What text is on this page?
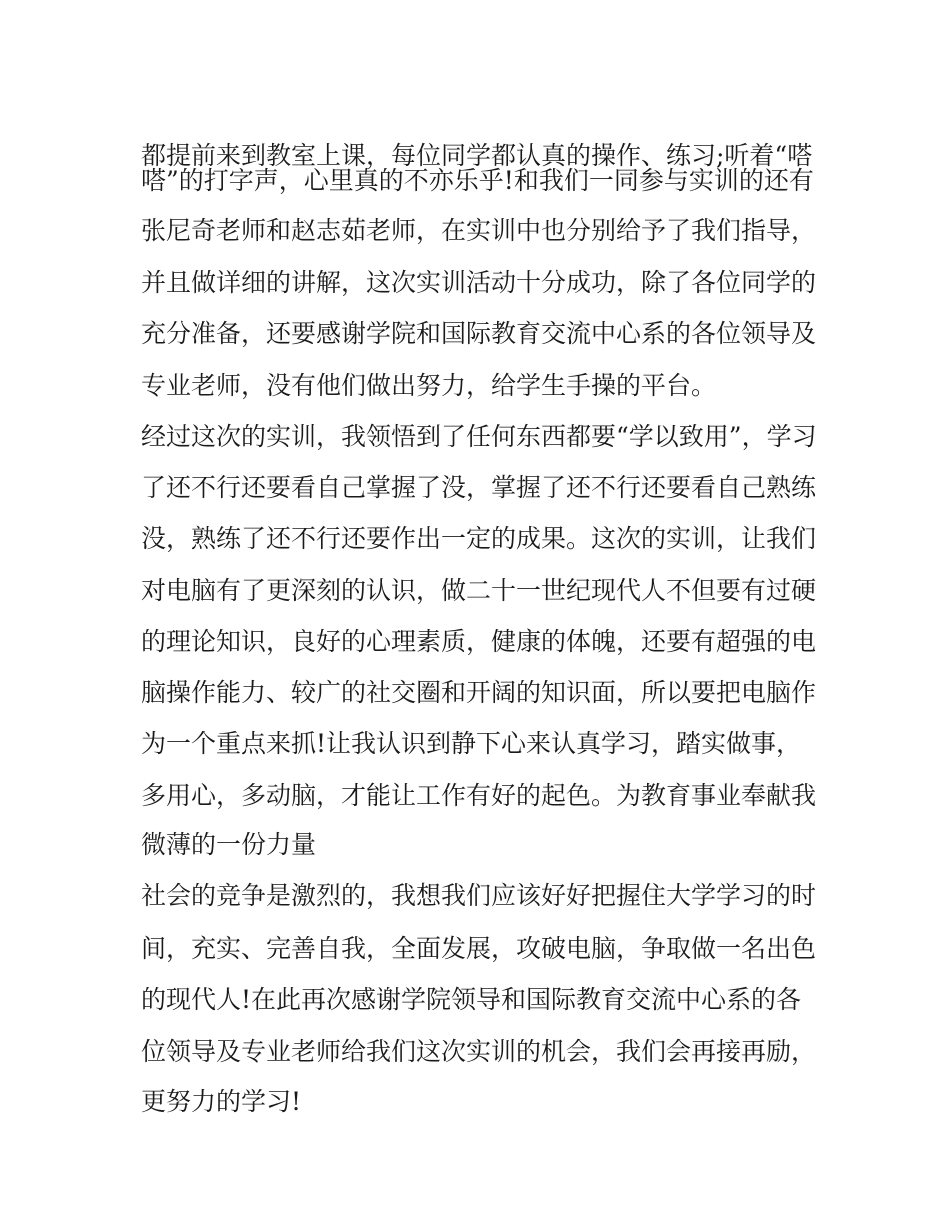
都提前来到教室上课，每位同学都认真的操作、练习;听着“嗒
嗒”的打字声，心里真的不亦乐乎!和我们一同参与实训的还有
张尼奇老师和赵志茹老师，在实训中也分别给予了我们指导，
并且做详细的讲解，这次实训活动十分成功，除了各位同学的
充分准备，还要感谢学院和国际教育交流中心系的各位领导及
专业老师，没有他们做出努力，给学生手操的平台。
经过这次的实训，我领悟到了任何东西都要“学以致用”，学习
了还不行还要看自己掌握了没，掌握了还不行还要看自己熟练
没，熟练了还不行还要作出一定的成果。这次的实训，让我们
对电脑有了更深刻的认识，做二十一世纪现代人不但要有过硬
的理论知识，良好的心理素质，健康的体魄，还要有超强的电
脑操作能力、较广的社交圈和开阔的知识面，所以要把电脑作
为一个重点来抓!让我认识到静下心来认真学习，踏实做事，
多用心，多动脑，才能让工作有好的起色。为教育事业奉献我
微薄的一份力量
社会的竞争是激烈的，我想我们应该好好把握住大学学习的时
间，充实、完善自我，全面发展，攻破电脑，争取做一名出色
的现代人!在此再次感谢学院领导和国际教育交流中心系的各
位领导及专业老师给我们这次实训的机会，我们会再接再励，
更努力的学习!
